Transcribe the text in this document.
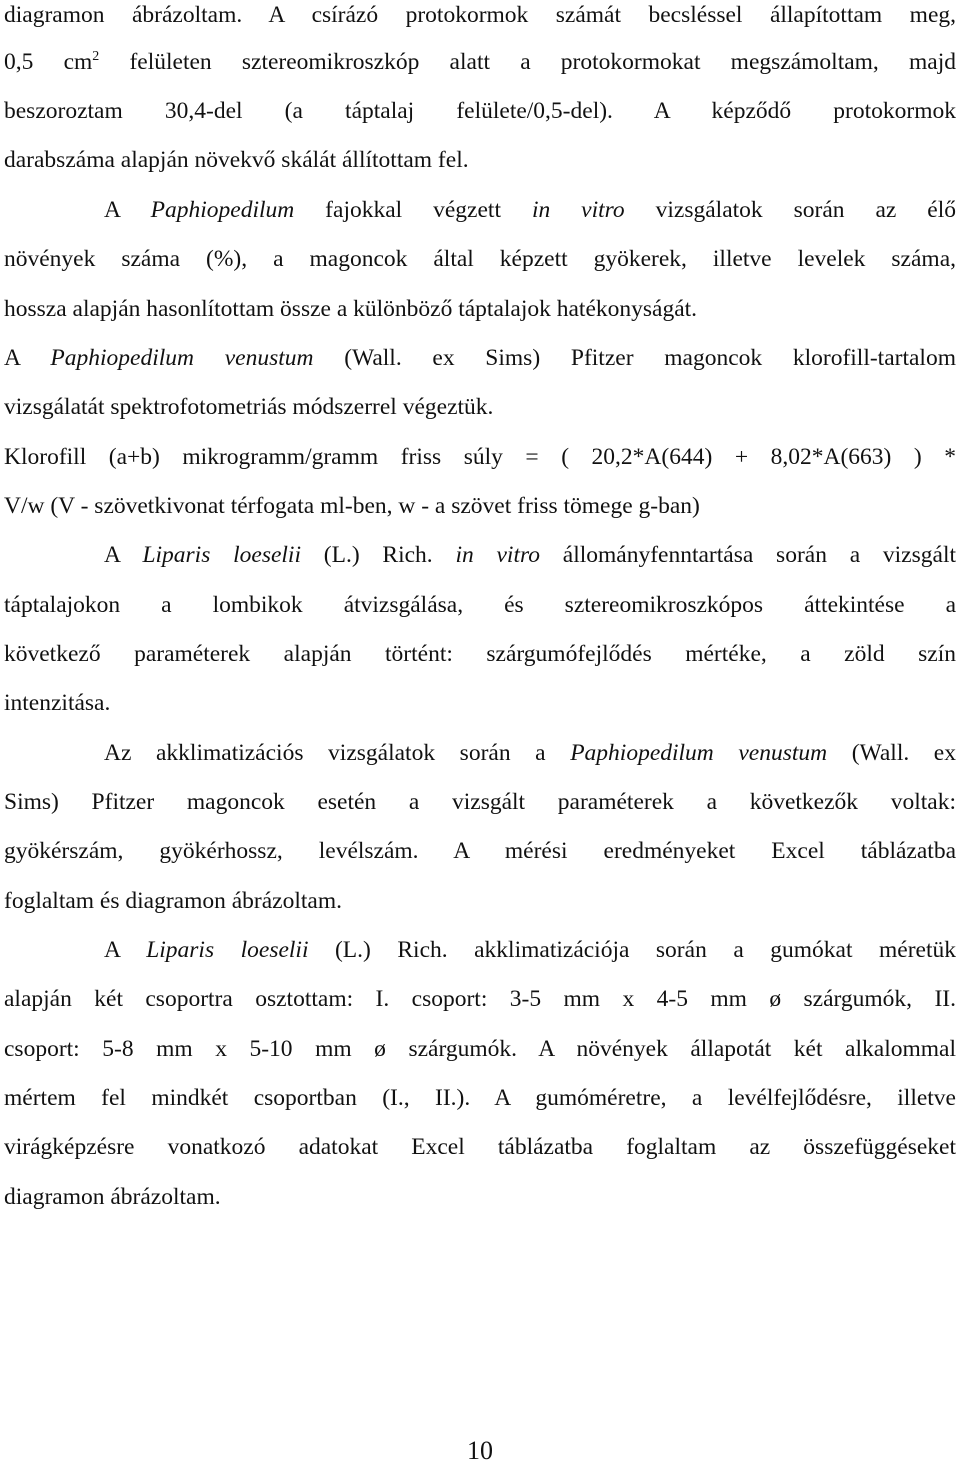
diagramon ábrázoltam. A csírázó protokormok számát becsléssel állapítottam meg,
0,5 $cm^2$ felületen sztereomikroszkóp alatt a protokormokat megszámoltam, majd
beszoroztam 30,4-del (a táptalaj felülete/0,5-del). A képződő protokormok
darabszáma alapján növekvő skálát állítottam fel.
A Paphiopedilum fajokkal végzett in vitro vizsgálatok során az élő
növények száma (%), a magoncok által képzett gyökerek, illetve levelek száma,
hossza alapján hasonlítottam össze a különböző táptalajok hatékonyságát.
A Paphiopedilum venustum (Wall. ex Sims) Pfitzer magoncok klorofill-tartalom
vizsgálatát spektrofotometriás módszerrel végeztük.
Klorofill (a+b) mikrogramm/gramm friss súly = ( 20,2*A(644) + 8,02*A(663) ) *
V/w (V - szövetkivonat térfogata ml-ben, w - a szövet friss tömege g-ban)
A Liparis loeselii (L.) Rich. in vitro állományfenntartása során a vizsgált
táptalajokon a lombikok átvizsgálása, és sztereomikroszkópos áttekintése a
következő paraméterek alapján történt: szárgumófejlődés mértéke, a zöld szín
intenzitása.
Az akklimatizációs vizsgálatok során a Paphiopedilum venustum (Wall. ex
Sims) Pfitzer magoncok esetén a vizsgált paraméterek a következők voltak:
gyökérszám, gyökérhossz, levélszám. A mérési eredményeket Excel táblázatba
foglaltam és diagramon ábrázoltam.
A Liparis loeselii (L.) Rich. akklimatizációja során a gumókat méretük
alapján két csoportra osztottam: I. csoport: 3-5 mm x 4-5 mm ø szárgumók, II.
csoport: 5-8 mm x 5-10 mm ø szárgumók. A növények állapotát két alkalommal
mértem fel mindkét csoportban (I., II.). A gumóméretre, a levélfejlődésre, illetve
virágképzésre vonatkozó adatokat Excel táblázatba foglaltam az összefüggéseket
diagramon ábrázoltam.
10
